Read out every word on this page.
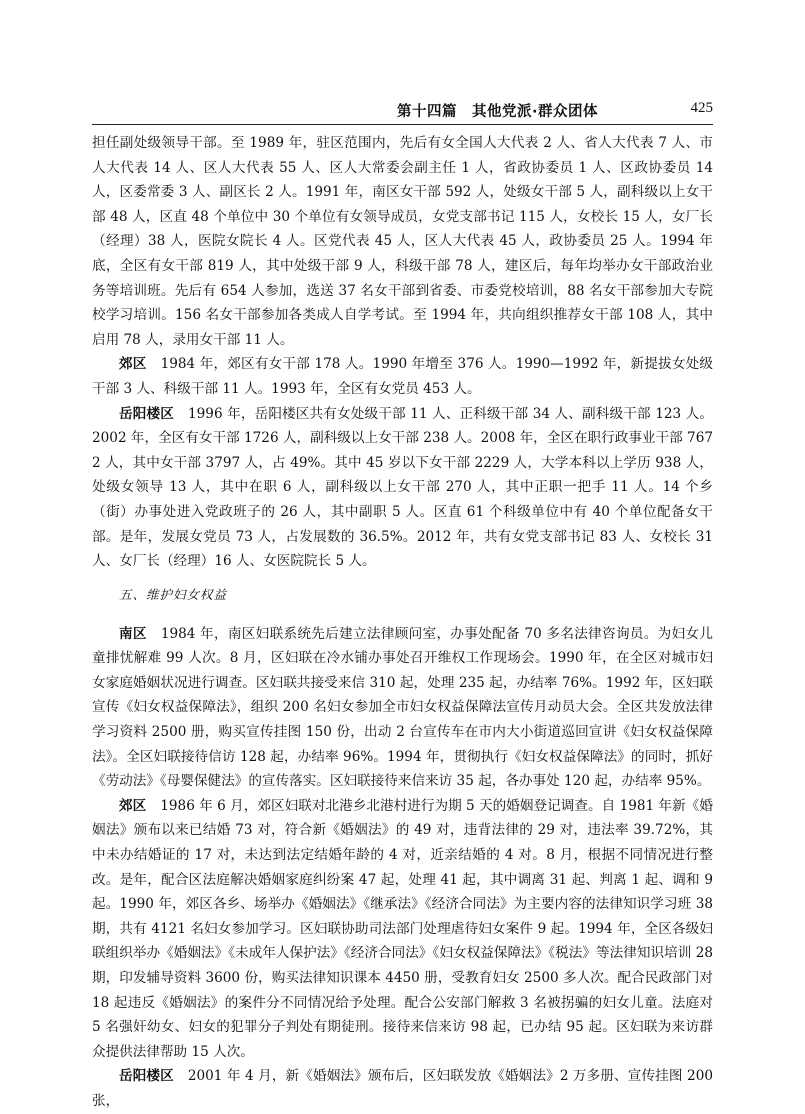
第十四篇　其他党派·群众团体	425

担任副处级领导干部。至 1989 年，驻区范围内，先后有女全国人大代表 2 人、省人大代表 7 人、市人大代表 14 人、区人大代表 55 人、区人大常委会副主任 1 人，省政协委员 1 人、区政协委员 14 人，区委常委 3 人、副区长 2 人。1991 年，南区女干部 592 人，处级女干部 5 人，副科级以上女干部 48 人，区直 48 个单位中 30 个单位有女领导成员，女党支部书记 115 人，女校长 15 人，女厂长（经理）38 人，医院女院长 4 人。区党代表 45 人，区人大代表 45 人，政协委员 25 人。1994 年底，全区有女干部 819 人，其中处级干部 9 人，科级干部 78 人，建区后，每年均举办女干部政治业务等培训班。先后有 654 人参加，选送 37 名女干部到省委、市委党校培训，88 名女干部参加大专院校学习培训。156 名女干部参加各类成人自学考试。至 1994 年，共向组织推荐女干部 108 人，其中启用 78 人，录用女干部 11 人。

郊区 1984 年，郊区有女干部 178 人。1990 年增至 376 人。1990—1992 年，新提拔女处级干部 3 人、科级干部 11 人。1993 年，全区有女党员 453 人。

岳阳楼区 1996 年，岳阳楼区共有女处级干部 11 人、正科级干部 34 人、副科级干部 123 人。2002 年，全区有女干部 1726 人，副科级以上女干部 238 人。2008 年，全区在职行政事业干部 7672 人，其中女干部 3797 人，占 49%。其中 45 岁以下女干部 2229 人，大学本科以上学历 938 人，处级女领导 13 人，其中在职 6 人，副科级以上女干部 270 人，其中正职一把手 11 人。14 个乡（街）办事处进入党政班子的 26 人，其中副职 5 人。区直 61 个科级单位中有 40 个单位配备女干部。是年，发展女党员 73 人，占发展数的 36.5%。2012 年，共有女党支部书记 83 人、女校长 31 人、女厂长（经理）16 人、女医院院长 5 人。

五、维护妇女权益

南区 1984 年，南区妇联系统先后建立法律顾问室，办事处配备 70 多名法律咨询员。为妇女儿童排忧解难 99 人次。8 月，区妇联在冷水铺办事处召开维权工作现场会。1990 年，在全区对城市妇女家庭婚姻状况进行调查。区妇联共接受来信 310 起，处理 235 起，办结率 76%。1992 年，区妇联宣传《妇女权益保障法》，组织 200 名妇女参加全市妇女权益保障法宣传月动员大会。全区共发放法律学习资料 2500 册，购买宣传挂图 150 份，出动 2 台宣传车在市内大小街道巡回宣讲《妇女权益保障法》。全区妇联接待信访 128 起，办结率 96%。1994 年，贯彻执行《妇女权益保障法》的同时，抓好《劳动法》《母婴保健法》的宣传落实。区妇联接待来信来访 35 起，各办事处 120 起，办结率 95%。

郊区 1986 年 6 月，郊区妇联对北港乡北港村进行为期 5 天的婚姻登记调查。自 1981 年新《婚姻法》颁布以来已结婚 73 对，符合新《婚姻法》的 49 对，违背法律的 29 对，违法率 39.72%，其中未办结婚证的 17 对，未达到法定结婚年龄的 4 对，近亲结婚的 4 对。8 月，根据不同情况进行整改。是年，配合区法庭解决婚姻家庭纠纷案 47 起，处理 41 起，其中调离 31 起、判离 1 起、调和 9 起。1990 年，郊区各乡、场举办《婚姻法》《继承法》《经济合同法》为主要内容的法律知识学习班 38 期，共有 4121 名妇女参加学习。区妇联协助司法部门处理虐待妇女案件 9 起。1994 年，全区各级妇联组织举办《婚姻法》《未成年人保护法》《经济合同法》《妇女权益保障法》《税法》等法律知识培训 28 期，印发辅导资料 3600 份，购买法律知识课本 4450 册，受教育妇女 2500 多人次。配合民政部门对 18 起违反《婚姻法》的案件分不同情况给予处理。配合公安部门解救 3 名被拐骗的妇女儿童。法庭对 5 名强奸幼女、妇女的犯罪分子判处有期徒刑。接待来信来访 98 起，已办结 95 起。区妇联为来访群众提供法律帮助 15 人次。

岳阳楼区 2001 年 4 月，新《婚姻法》颁布后，区妇联发放《婚姻法》2 万多册、宣传挂图 200 张，
